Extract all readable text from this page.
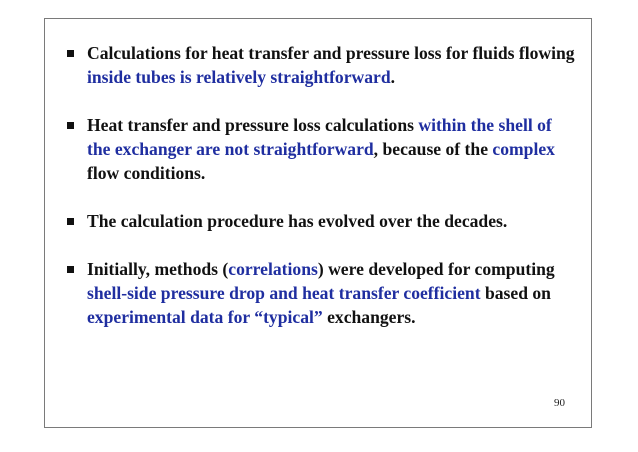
Calculations for heat transfer and pressure loss for fluids flowing inside tubes is relatively straightforward.
Heat transfer and pressure loss calculations within the shell of the exchanger are not straightforward, because of the complex flow conditions.
The calculation procedure has evolved over the decades.
Initially, methods (correlations) were developed for computing shell-side pressure drop and heat transfer coefficient based on experimental data for “typical” exchangers.
90
